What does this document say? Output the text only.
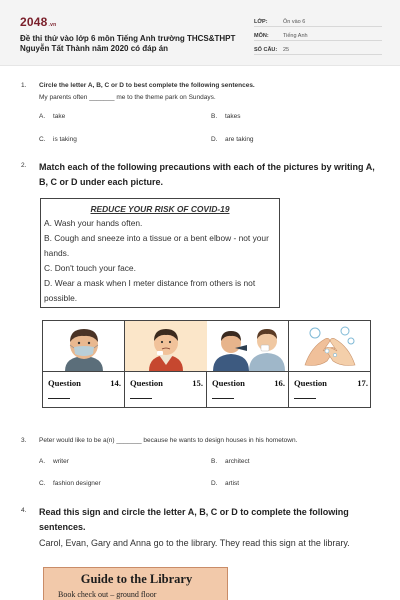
2048.vn
Đề thi thử vào lớp 6 môn Tiếng Anh trường THCS&THPT Nguyễn Tất Thành năm 2020 có đáp án
LỚP:	Ôn vào 6
MÔN:	Tiếng Anh
SỐ CÂU: 25
1. Circle the letter A, B, C or D to best complete the following sentences.
My parents often _______ me to the theme park on Sundays.
A. take	B. takes
C. is taking	D. are taking
2. Match each of the following precautions with each of the pictures by writing A, B, C or D under each picture.
REDUCE YOUR RISK OF COVID-19
A. Wash your hands often.
B. Cough and sneeze into a tissue or a bent elbow - not your hands.
C. Don't touch your face.
D. Wear a mask when I meter distance from others is not possible.
Question	14. Question	15. Question	16. Question	17.
3. Peter would like to be a(n) _______ because he wants to design houses in his hometown.
A. writer	B. architect
C. fashion designer	D. artist
4. Read this sign and circle the letter A, B, C or D to complete the following sentences.
Carol, Evan, Gary and Anna go to the library. They read this sign at the library.
Guide to the Library
Book check out – ground floor
